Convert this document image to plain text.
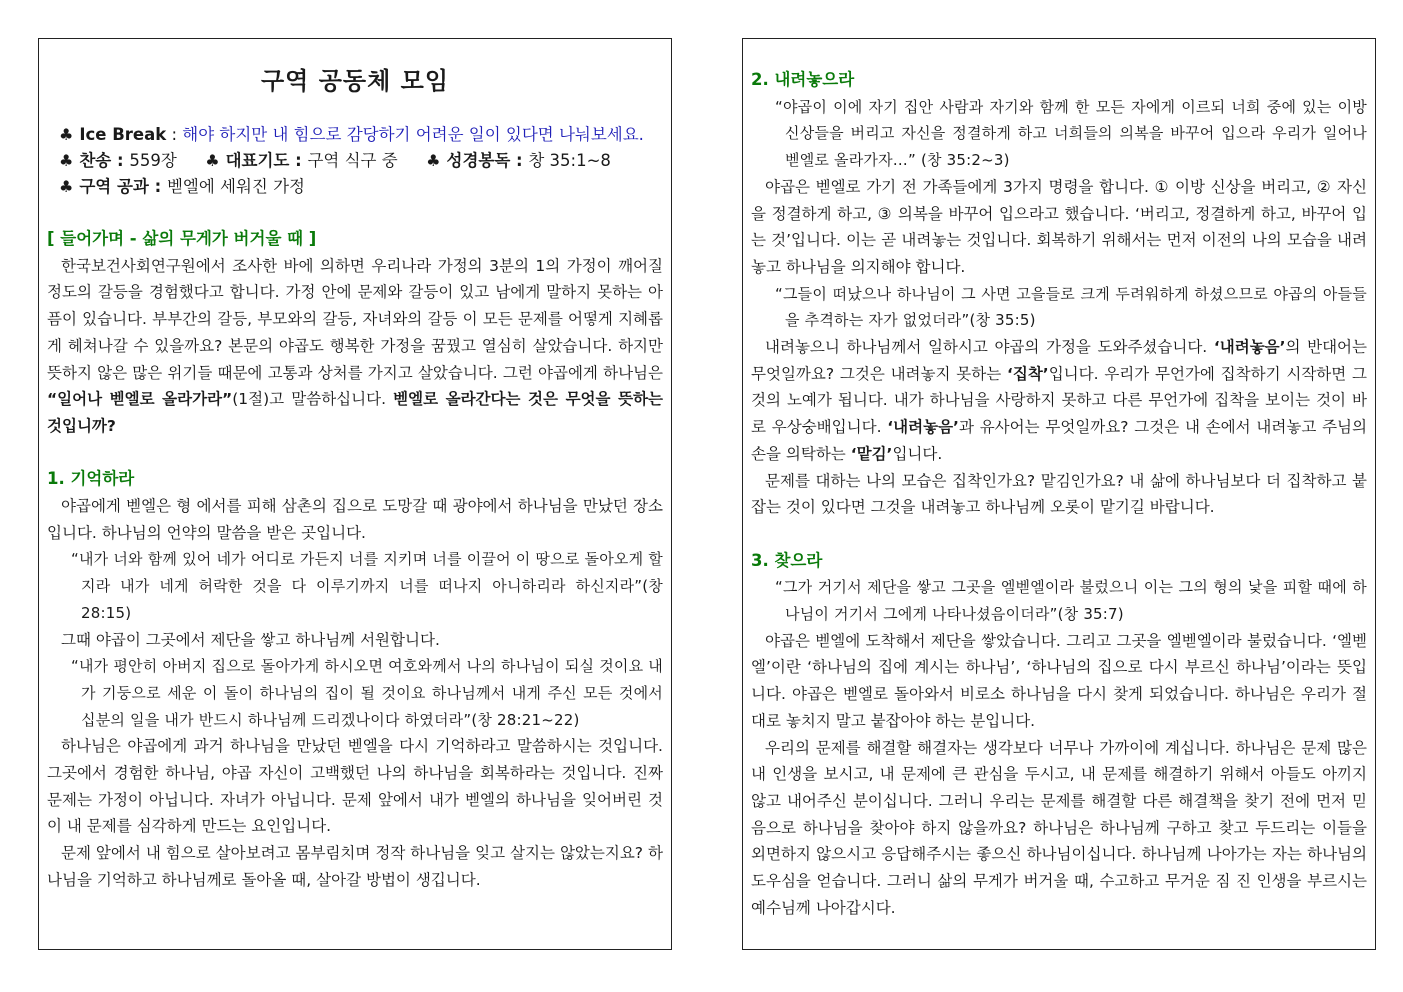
구역 공동체 모임
♣ Ice Break : 해야 하지만 내 힘으로 감당하기 어려운 일이 있다면 나눠보세요.
♣ 찬송 : 559장 ♣ 대표기도 : 구역 식구 중 ♣ 성경봉독 : 창 35:1~8
♣ 구역 공과 : 벧엘에 세워진 가정
[ 들어가며 - 삶의 무게가 버거울 때 ]

한국보건사회연구원에서 조사한 바에 의하면 우리나라 가정의 3분의 1의 가정이 깨어질 정도의 갈등을 경험했다고 합니다. 가정 안에 문제와 갈등이 있고 남에게 말하지 못하는 아픔이 있습니다. 부부간의 갈등, 부모와의 갈등, 자녀와의 갈등 이 모든 문제를 어떻게 지혜롭게 헤쳐나갈 수 있을까요? 본문의 야곱도 행복한 가정을 꿈꿨고 열심히 살았습니다. 하지만 뜻하지 않은 많은 위기들 때문에 고통과 상처를 가지고 살았습니다. 그런 야곱에게 하나님은 “일어나 벧엘로 올라가라”(1절)고 말씀하십니다. 벧엘로 올라간다는 것은 무엇을 뜻하는 것입니까?

1. 기억하라

야곱에게 벧엘은 형 에서를 피해 삼촌의 집으로 도망갈 때 광야에서 하나님을 만났던 장소입니다. 하나님의 언약의 말씀을 받은 곳입니다.

“내가 너와 함께 있어 네가 어디로 가든지 너를 지키며 너를 이끌어 이 땅으로 돌아오게 할지라 내가 네게 허락한 것을 다 이루기까지 너를 떠나지 아니하리라 하신지라”(창 28:15)

그때 야곱이 그곳에서 제단을 쌓고 하나님께 서원합니다.

“내가 평안히 아버지 집으로 돌아가게 하시오면 여호와께서 나의 하나님이 되실 것이요 내가 기둥으로 세운 이 돌이 하나님의 집이 될 것이요 하나님께서 내게 주신 모든 것에서 십분의 일을 내가 반드시 하나님께 드리겠나이다 하였더라”(창 28:21~22)

하나님은 야곱에게 과거 하나님을 만났던 벧엘을 다시 기억하라고 말씀하시는 것입니다. 그곳에서 경험한 하나님, 야곱 자신이 고백했던 나의 하나님을 회복하라는 것입니다. 진짜 문제는 가정이 아닙니다. 자녀가 아닙니다. 문제 앞에서 내가 벧엘의 하나님을 잊어버린 것이 내 문제를 심각하게 만드는 요인입니다.

문제 앞에서 내 힘으로 살아보려고 몸부림치며 정작 하나님을 잊고 살지는 않았는지요? 하나님을 기억하고 하나님께로 돌아올 때, 살아갈 방법이 생깁니다.

2. 내려놓으라

“야곱이 이에 자기 집안 사람과 자기와 함께 한 모든 자에게 이르되 너희 중에 있는 이방 신상들을 버리고 자신을 정결하게 하고 너희들의 의복을 바꾸어 입으라 우리가 일어나 벧엘로 올라가자…” (창 35:2~3)

야곱은 벧엘로 가기 전 가족들에게 3가지 명령을 합니다. ① 이방 신상을 버리고, ② 자신을 정결하게 하고, ③ 의복을 바꾸어 입으라고 했습니다. ‘버리고, 정결하게 하고, 바꾸어 입는 것’입니다. 이는 곧 내려놓는 것입니다. 회복하기 위해서는 먼저 이전의 나의 모습을 내려놓고 하나님을 의지해야 합니다.

“그들이 떠났으나 하나님이 그 사면 고을들로 크게 두려워하게 하셨으므로 야곱의 아들들을 추격하는 자가 없었더라”(창 35:5)

내려놓으니 하나님께서 일하시고 야곱의 가정을 도와주셨습니다. ‘내려놓음’의 반대어는 무엇일까요? 그것은 내려놓지 못하는 ‘집착’입니다. 우리가 무언가에 집착하기 시작하면 그것의 노예가 됩니다. 내가 하나님을 사랑하지 못하고 다른 무언가에 집착을 보이는 것이 바로 우상숭배입니다. ‘내려놓음’과 유사어는 무엇일까요? 그것은 내 손에서 내려놓고 주님의 손을 의탁하는 ‘맡김’입니다.

문제를 대하는 나의 모습은 집착인가요? 맡김인가요? 내 삶에 하나님보다 더 집착하고 붙잡는 것이 있다면 그것을 내려놓고 하나님께 오롯이 맡기길 바랍니다.

3. 찾으라

“그가 거기서 제단을 쌓고 그곳을 엘벧엘이라 불렀으니 이는 그의 형의 낯을 피할 때에 하나님이 거기서 그에게 나타나셨음이더라”(창 35:7)

야곱은 벧엘에 도착해서 제단을 쌓았습니다. 그리고 그곳을 엘벧엘이라 불렀습니다. ‘엘벧엘’이란 ‘하나님의 집에 계시는 하나님’, ‘하나님의 집으로 다시 부르신 하나님’이라는 뜻입니다. 야곱은 벧엘로 돌아와서 비로소 하나님을 다시 찾게 되었습니다. 하나님은 우리가 절대로 놓치지 말고 붙잡아야 하는 분입니다.

우리의 문제를 해결할 해결자는 생각보다 너무나 가까이에 계십니다. 하나님은 문제 많은 내 인생을 보시고, 내 문제에 큰 관심을 두시고, 내 문제를 해결하기 위해서 아들도 아끼지 않고 내어주신 분이십니다. 그러니 우리는 문제를 해결할 다른 해결책을 찾기 전에 먼저 믿음으로 하나님을 찾아야 하지 않을까요? 하나님은 하나님께 구하고 찾고 두드리는 이들을 외면하지 않으시고 응답해주시는 좋으신 하나님이십니다. 하나님께 나아가는 자는 하나님의 도우심을 얻습니다. 그러니 삶의 무게가 버거울 때, 수고하고 무거운 짐 진 인생을 부르시는 예수님께 나아갑시다.
